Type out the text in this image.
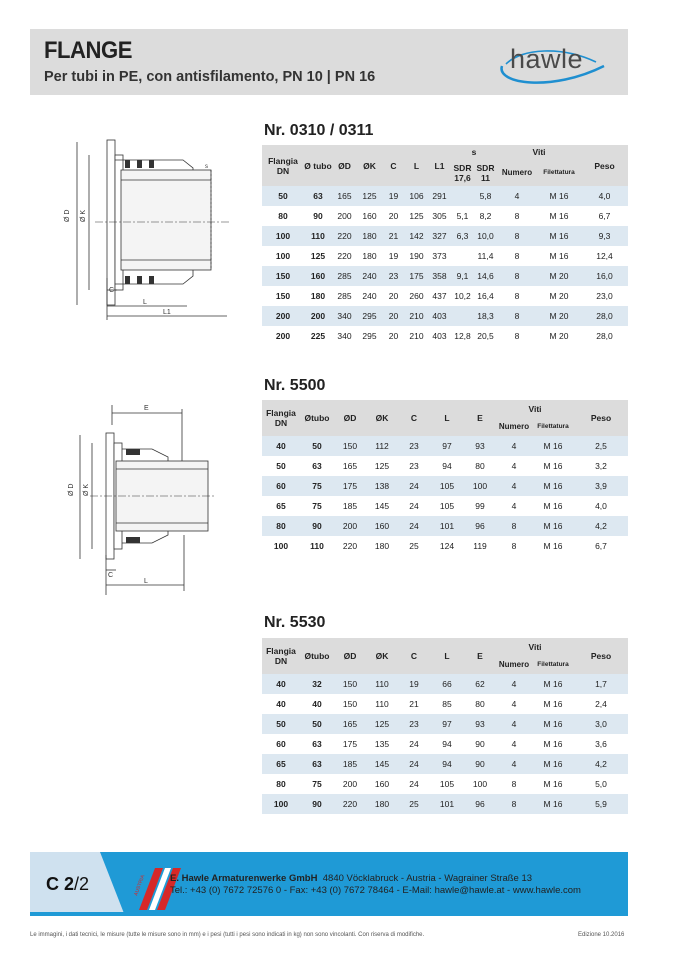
FLANGE
Per tubi in PE, con antisfilamento, PN 10 | PN 16
hawle
Nr. 0310 / 0311
Ø D Ø K
C
L
L1
s
Flangia DN	Ø tubo	ØD	ØK	C	L	L1	s		Viti		Peso
							SDR 17,6	SDR 11	Numero	Filettatura	
50	63	165	125	19	106	291		5,8	4	M 16	4,0
80	90	200	160	20	125	305	5,1	8,2	8	M 16	6,7
100	110	220	180	21	142	327	6,3	10,0	8	M 16	9,3
100	125	220	180	19	190	373		11,4	8	M 16	12,4
150	160	285	240	23	175	358	9,1	14,6	8	M 20	16,0
150	180	285	240	20	260	437	10,2	16,4	8	M 20	23,0
200	200	340	295	20	210	403		18,3	8	M 20	28,0
200	225	340	295	20	210	403	12,8	20,5	8	M 20	28,0
Nr. 5500
E
Ø D Ø K
C
L
Flangia DN	Øtubo	ØD	ØK	C	L	E	Viti		Peso
							Numero	Filettatura	
40	50	150	112	23	97	93	4	M 16	2,5
50	63	165	125	23	94	80	4	M 16	3,2
60	75	175	138	24	105	100	4	M 16	3,9
65	75	185	145	24	105	99	4	M 16	4,0
80	90	200	160	24	101	96	8	M 16	4,2
100	110	220	180	25	124	119	8	M 16	6,7
Nr. 5530
Flangia DN	Øtubo	ØD	ØK	C	L	E	Viti		Peso
							Numero	Filettatura	
40	32	150	110	19	66	62	4	M 16	1,7
40	40	150	110	21	85	80	4	M 16	2,4
50	50	165	125	23	97	93	4	M 16	3,0
60	63	175	135	24	94	90	4	M 16	3,6
65	63	185	145	24	94	90	4	M 16	4,2
80	75	200	160	24	105	100	8	M 16	5,0
100	90	220	180	25	101	96	8	M 16	5,9
C 2/2	AUSTRIA E. Hawle Armaturenwerke GmbH 4840 Vöcklabruck - Austria - Wagrainer Straße 13
Tel.: +43 (0) 7672 72576 0 - Fax: +43 (0) 7672 78464 - E-Mail: hawle@hawle.at - www.hawle.com
Le immagini, i dati tecnici, le misure (tutte le misure sono in mm) e i pesi (tutti i pesi sono indicati in kg) non sono vincolanti. Con riserva di modifiche.	Edizione 10.2016
